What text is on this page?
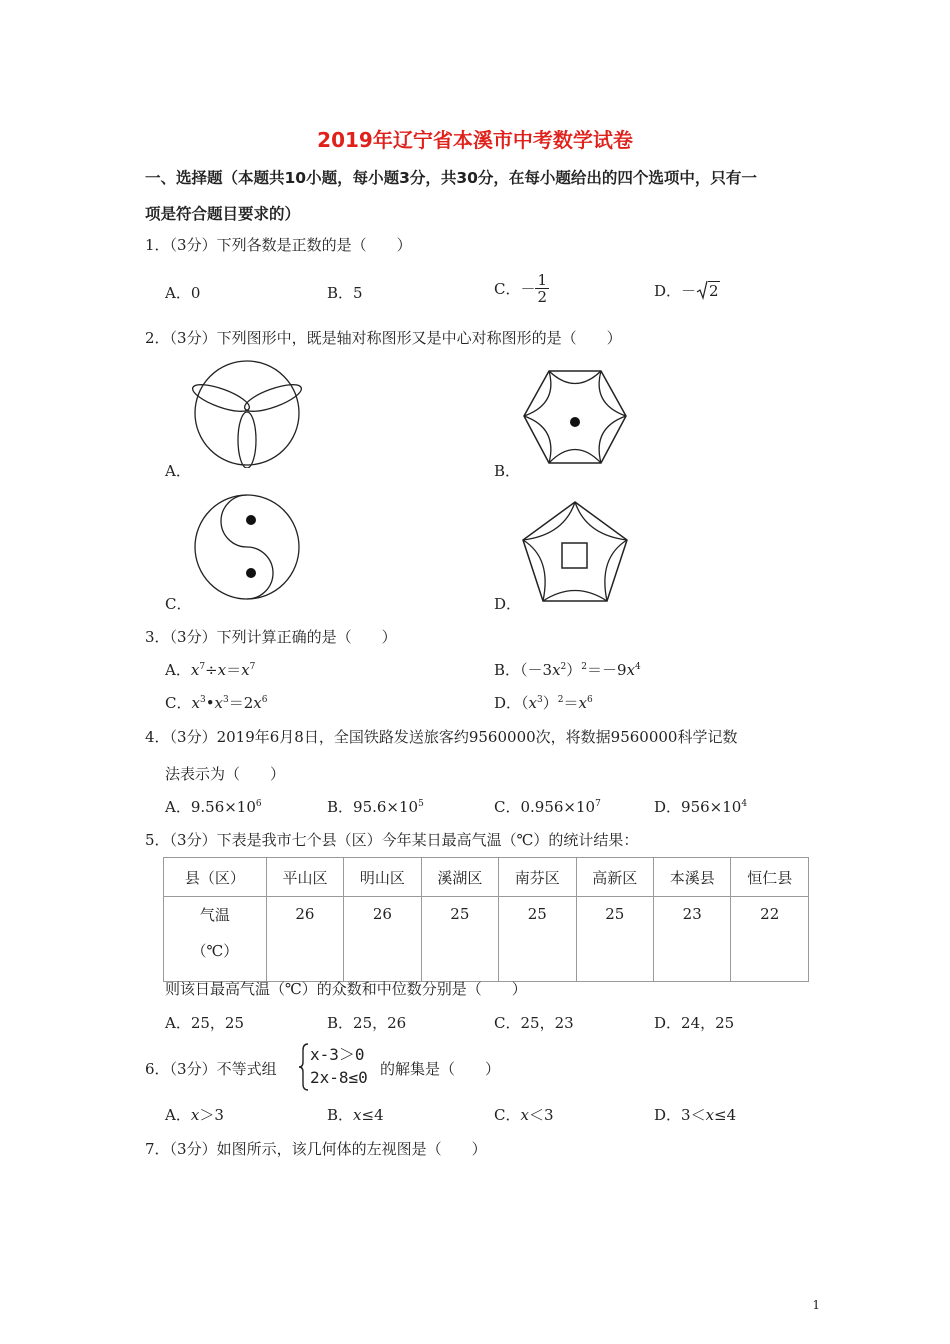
2019年辽宁省本溪市中考数学试卷
一、选择题（本题共10小题，每小题3分，共30分，在每小题给出的四个选项中，只有一
项是符合题目要求的）
1．（3分）下列各数是正数的是（　　）
A．0	B．5	C．－ $\frac{1}{2}$	D．－ 2
2．（3分）下列图形中，既是轴对称图形又是中心对称图形的是（　　）
A．	B．
C．	D．
3．（3分）下列计算正确的是（　　）
A．$x^7\div x=x^7$	B．$(-3x^2)^2=-9x^4$
C．$x^3•x^3=2x^6$	D．$(x^3)^2=x^6$
4．（3分）2019年6月8日，全国铁路发送旅客约9560000次，将数据9560000科学记数
法表示为（　　）
A．$9.56\times 10^6$	B．$95.6\times 10^5$	C．$0.956\times 10^7$	D．$956\times 10^4$
5．（3分）下表是我市七个县（区）今年某日最高气温（℃）的统计结果：
县（区）	平山区	明山区	溪湖区	南芬区	高新区	本溪县	恒仁县

气温
（℃）	26	26	25	25	25	23	22
则该日最高气温（℃）的众数和中位数分别是（　　）
A．25，25	B．25，26	C．25，23	D．24，25
6．（3分）不等式组
x-3＞0
2x-8≤0 的解集是（　　）
A．x＞3	B．x≤4	C．x＜3	D．3＜x≤4
7．（3分）如图所示，该几何体的左视图是（　　）
1
